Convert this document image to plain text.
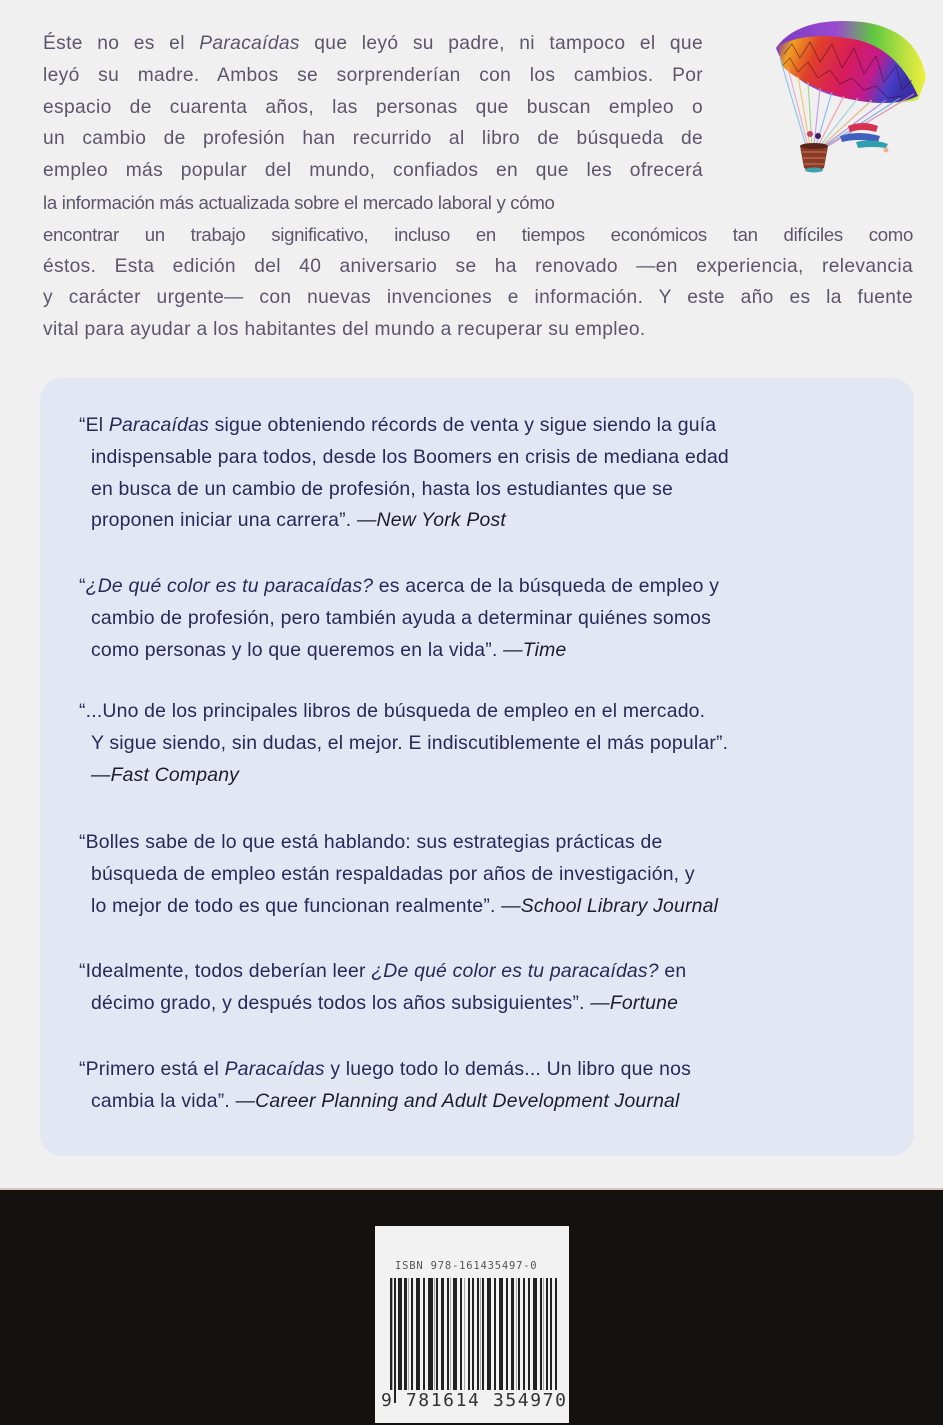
Éste no es el Paracaídas que leyó su padre, ni tampoco el que
leyó su madre. Ambos se sorprenderían con los cambios. Por
espacio de cuarenta años, las personas que buscan empleo o
un cambio de profesión han recurrido al libro de búsqueda de
empleo más popular del mundo, confiados en que les ofrecerá
la información más actualizada sobre el mercado laboral y cómo
encontrar un trabajo significativo, incluso en tiempos económicos tan difíciles como
éstos. Esta edición del 40 aniversario se ha renovado —en experiencia, relevancia
y carácter urgente— con nuevas invenciones e información. Y este año es la fuente
vital para ayudar a los habitantes del mundo a recuperar su empleo.
“El Paracaídas sigue obteniendo récords de venta y sigue siendo la guía
indispensable para todos, desde los Boomers en crisis de mediana edad
en busca de un cambio de profesión, hasta los estudiantes que se
proponen iniciar una carrera”. —New York Post
“¿De qué color es tu paracaídas? es acerca de la búsqueda de empleo y
cambio de profesión, pero también ayuda a determinar quiénes somos
como personas y lo que queremos en la vida”. —Time
“...Uno de los principales libros de búsqueda de empleo en el mercado.
Y sigue siendo, sin dudas, el mejor. E indiscutiblemente el más popular”.
—Fast Company
“Bolles sabe de lo que está hablando: sus estrategias prácticas de
búsqueda de empleo están respaldadas por años de investigación, y
lo mejor de todo es que funcionan realmente”. —School Library Journal
“Idealmente, todos deberían leer ¿De qué color es tu paracaídas? en
décimo grado, y después todos los años subsiguientes”. —Fortune
“Primero está el Paracaídas y luego todo lo demás... Un libro que nos
cambia la vida”. —Career Planning and Adult Development Journal
ISBN 978-161435497-0
9 781614 354970
